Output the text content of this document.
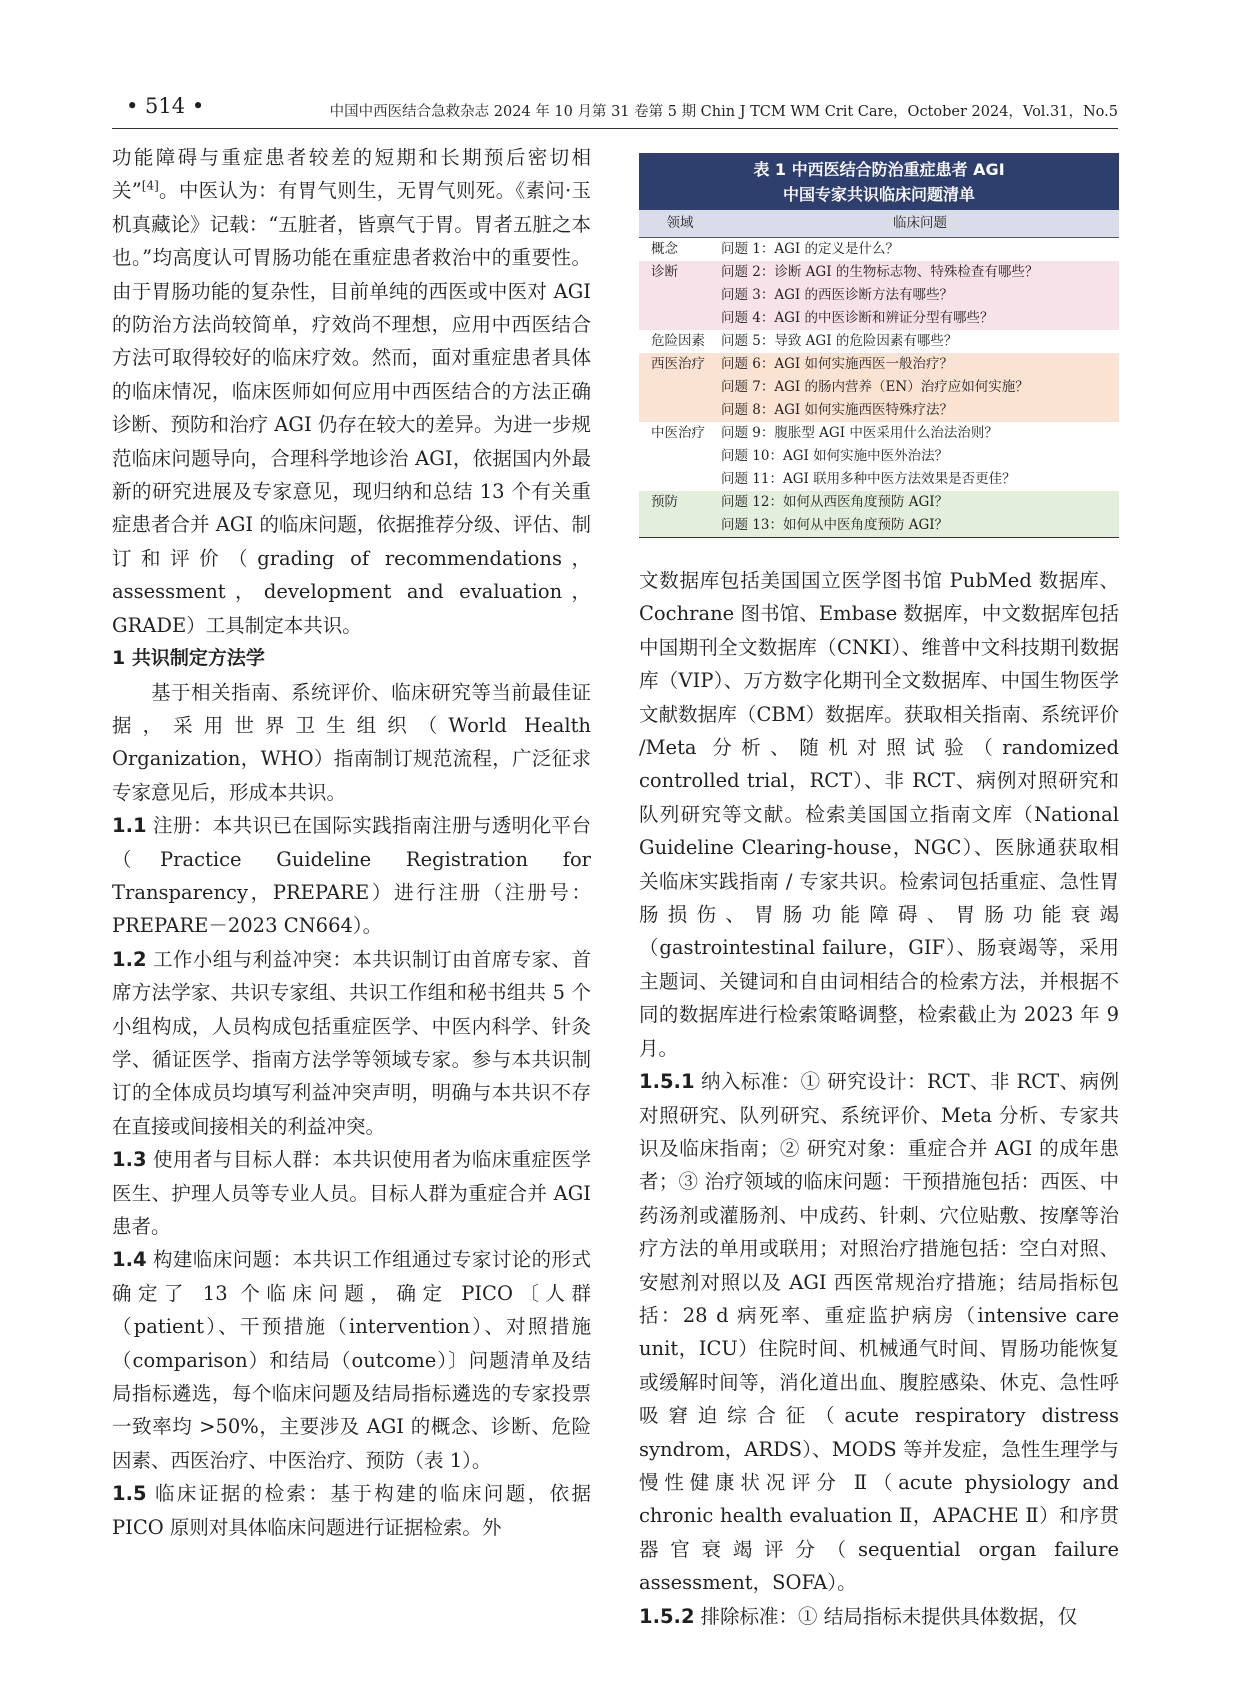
• 514 •	中国中西医结合急救杂志 2024 年 10 月第 31 卷第 5 期 Chin J TCM WM Crit Care，October 2024，Vol.31，No.5

功能障碍与重症患者较差的短期和长期预后密切相关”[4]。中医认为：有胃气则生，无胃气则死。《素问·玉机真藏论》记载：“五脏者，皆禀气于胃。胃者五脏之本也。”均高度认可胃肠功能在重症患者救治中的重要性。由于胃肠功能的复杂性，目前单纯的西医或中医对 AGI 的防治方法尚较简单，疗效尚不理想，应用中西医结合方法可取得较好的临床疗效。然而，面对重症患者具体的临床情况，临床医师如何应用中西医结合的方法正确诊断、预防和治疗 AGI 仍存在较大的差异。为进一步规范临床问题导向，合理科学地诊治 AGI，依据国内外最新的研究进展及专家意见，现归纳和总结 13 个有关重症患者合并 AGI 的临床问题，依据推荐分级、评估、制订和评价（grading of recommendations，assessment，development and evaluation，GRADE）工具制定本共识。

1 共识制定方法学

基于相关指南、系统评价、临床研究等当前最佳证据，采用世界卫生组织（World Health Organization，WHO）指南制订规范流程，广泛征求专家意见后，形成本共识。

1.1 注册：本共识已在国际实践指南注册与透明化平台（Practice Guideline Registration for Transparency，PREPARE）进行注册（注册号：PREPARE－2023 CN664）。

1.2 工作小组与利益冲突：本共识制订由首席专家、首席方法学家、共识专家组、共识工作组和秘书组共 5 个小组构成，人员构成包括重症医学、中医内科学、针灸学、循证医学、指南方法学等领域专家。参与本共识制订的全体成员均填写利益冲突声明，明确与本共识不存在直接或间接相关的利益冲突。

1.3 使用者与目标人群：本共识使用者为临床重症医学医生、护理人员等专业人员。目标人群为重症合并 AGI 患者。

1.4 构建临床问题：本共识工作组通过专家讨论的形式确定了 13 个临床问题，确定 PICO〔人群（patient）、干预措施（intervention）、对照措施（comparison）和结局（outcome）〕问题清单及结局指标遴选，每个临床问题及结局指标遴选的专家投票一致率均 >50%，主要涉及 AGI 的概念、诊断、危险因素、西医治疗、中医治疗、预防（表 1）。

1.5 临床证据的检索：基于构建的临床问题，依据 PICO 原则对具体临床问题进行证据检索。外

表 1 中西医结合防治重症患者 AGI
中国专家共识临床问题清单
领域	临床问题
概念	问题 1：AGI 的定义是什么？
诊断	问题 2：诊断 AGI 的生物标志物、特殊检查有哪些？
问题 3：AGI 的西医诊断方法有哪些？
问题 4：AGI 的中医诊断和辨证分型有哪些？
危险因素	问题 5：导致 AGI 的危险因素有哪些？
西医治疗	问题 6：AGI 如何实施西医一般治疗？
问题 7：AGI 的肠内营养（EN）治疗应如何实施？
问题 8：AGI 如何实施西医特殊疗法？
中医治疗	问题 9：腹胀型 AGI 中医采用什么治法治则？
问题 10：AGI 如何实施中医外治法？
问题 11：AGI 联用多种中医方法效果是否更佳？
预防	问题 12：如何从西医角度预防 AGI？
问题 13：如何从中医角度预防 AGI？

文数据库包括美国国立医学图书馆 PubMed 数据库、Cochrane 图书馆、Embase 数据库，中文数据库包括中国期刊全文数据库（CNKI）、维普中文科技期刊数据库（VIP）、万方数字化期刊全文数据库、中国生物医学文献数据库（CBM）数据库。获取相关指南、系统评价 /Meta 分析、随机对照试验（randomized controlled trial，RCT）、非 RCT、病例对照研究和队列研究等文献。检索美国国立指南文库（National Guideline Clearing-house，NGC）、医脉通获取相关临床实践指南 / 专家共识。检索词包括重症、急性胃肠损伤、胃肠功能障碍、胃肠功能衰竭（gastrointestinal failure，GIF）、肠衰竭等，采用主题词、关键词和自由词相结合的检索方法，并根据不同的数据库进行检索策略调整，检索截止为 2023 年 9 月。

1.5.1 纳入标准：① 研究设计：RCT、非 RCT、病例对照研究、队列研究、系统评价、Meta 分析、专家共识及临床指南；② 研究对象：重症合并 AGI 的成年患者；③ 治疗领域的临床问题：干预措施包括：西医、中药汤剂或灌肠剂、中成药、针刺、穴位贴敷、按摩等治疗方法的单用或联用；对照治疗措施包括：空白对照、安慰剂对照以及 AGI 西医常规治疗措施；结局指标包括：28 d 病死率、重症监护病房（intensive care unit，ICU）住院时间、机械通气时间、胃肠功能恢复或缓解时间等，消化道出血、腹腔感染、休克、急性呼吸窘迫综合征（acute respiratory distress syndrom，ARDS）、MODS 等并发症，急性生理学与慢性健康状况评分 Ⅱ（acute physiology and chronic health evaluation Ⅱ，APACHE Ⅱ）和序贯器官衰竭评分（sequential organ failure assessment，SOFA）。

1.5.2 排除标准：① 结局指标未提供具体数据，仅
